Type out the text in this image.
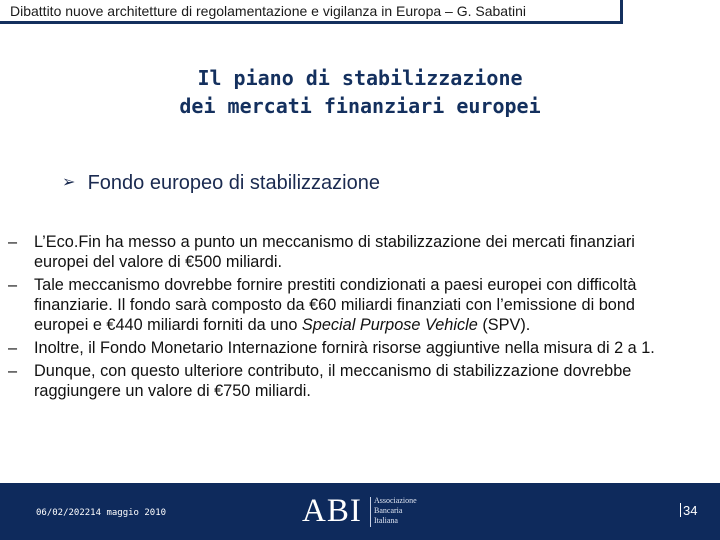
Dibattito nuove architetture di regolamentazione e vigilanza in Europa – G. Sabatini
Il piano di stabilizzazione
dei mercati finanziari europei
➢ Fondo europeo di stabilizzazione
– L’Eco.Fin ha messo a punto un meccanismo di stabilizzazione dei mercati finanziari europei del valore di €500 miliardi.
– Tale meccanismo dovrebbe fornire prestiti condizionati a paesi europei con difficoltà finanziarie. Il fondo sarà composto da €60 miliardi finanziati con l’emissione di bond europei e €440 miliardi forniti da uno Special Purpose Vehicle (SPV).
– Inoltre, il Fondo Monetario Internazione fornirà risorse aggiuntive nella misura di 2 a 1.
– Dunque, con questo ulteriore contributo, il meccanismo di stabilizzazione dovrebbe raggiungere un valore di €750 miliardi.
06/02/202214 maggio 2010	ABI Associazione
Bancaria
Italiana
34
